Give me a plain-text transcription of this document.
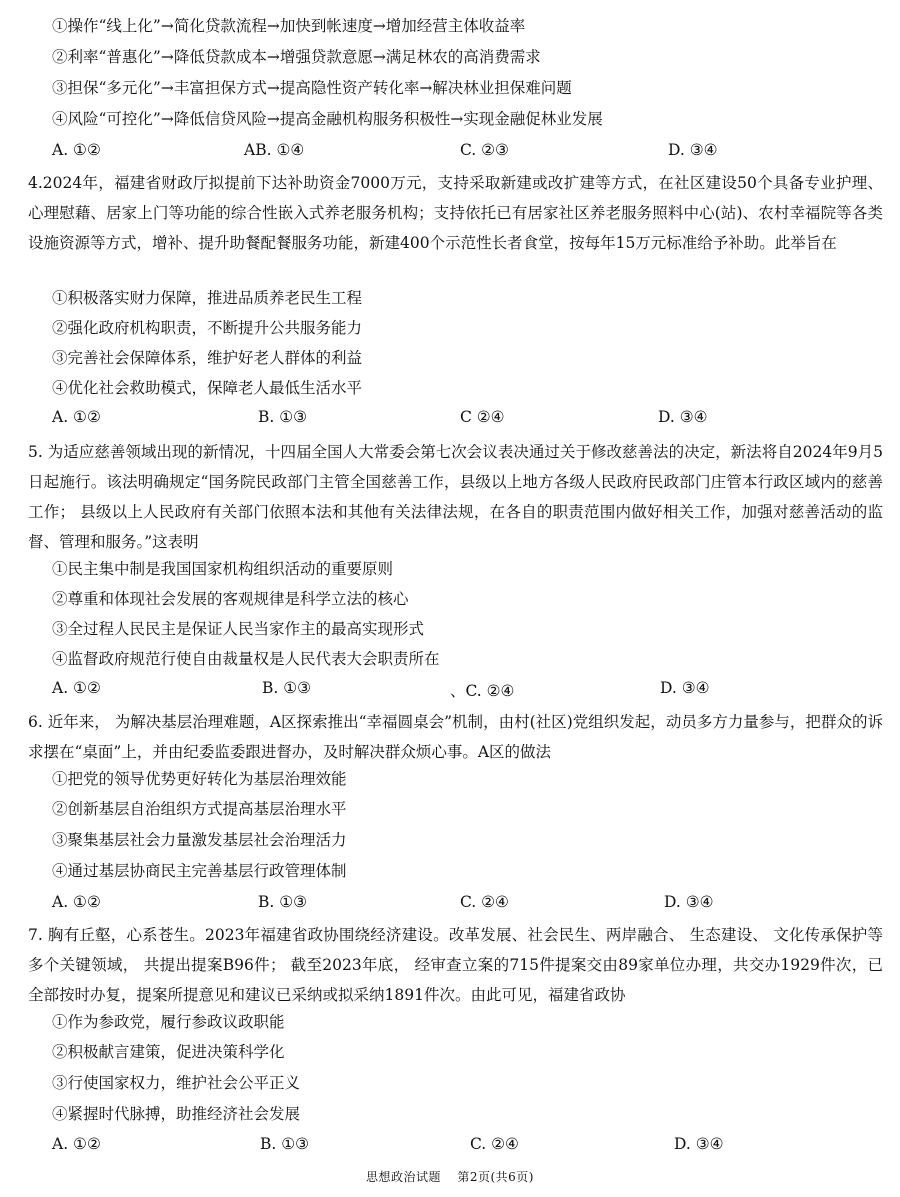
①操作“线上化”→简化贷款流程→加快到帐速度→增加经营主体收益率
②利率“普惠化”→降低贷款成本→增强贷款意愿→满足林农的高消费需求
③担保“多元化”→丰富担保方式→提高隐性资产转化率→解决林业担保难问题
④风险“可控化”→降低信贷风险→提高金融机构服务积极性→实现金融促林业发展
A. ①②	AB. ①④	C. ②③	D. ③④
4.2024年，福建省财政厅拟提前下达补助资金7000万元，支持采取新建或改扩建等方式，在社区建设50个具备专业护理、心理慰藉、居家上门等功能的综合性嵌入式养老服务机构；支持依托已有居家社区养老服务照料中心(站)、农村幸福院等各类设施资源等方式，增补、提升助餐配餐服务功能，新建400个示范性长者食堂，按每年15万元标准给予补助。此举旨在
①积极落实财力保障，推进品质养老民生工程
②强化政府机构职责，不断提升公共服务能力
③完善社会保障体系，维护好老人群体的利益
④优化社会救助模式，保障老人最低生活水平
A. ①②	B. ①③	C ②④	D. ③④
5. 为适应慈善领域出现的新情况，十四届全国人大常委会第七次会议表决通过关于修改慈善法的决定，新法将自2024年9月5日起施行。该法明确规定“国务院民政部门主管全国慈善工作，县级以上地方各级人民政府民政部门庄管本行政区域内的慈善工作； 县级以上人民政府有关部门依照本法和其他有关法律法规，在各自的职责范围内做好相关工作，加强对慈善活动的监督、管理和服务。”这表明
①民主集中制是我国国家机构组织活动的重要原则
②尊重和体现社会发展的客观规律是科学立法的核心
③全过程人民民主是保证人民当家作主的最高实现形式
④监督政府规范行使自由裁量权是人民代表大会职责所在
A. ①②	B. ①③	、C. ②④	D. ③④
6. 近年来， 为解决基层治理难题，A区探索推出“幸福圆桌会”机制，由村(社区)党组织发起，动员多方力量参与，把群众的诉求摆在“桌面”上，并由纪委监委跟进督办，及时解决群众烦心事。A区的做法
①把党的领导优势更好转化为基层治理效能
②创新基层自治组织方式提高基层治理水平
③聚集基层社会力量激发基层社会治理活力
④通过基层协商民主完善基层行政管理体制
A. ①②	B. ①③	C. ②④	D. ③④
7. 胸有丘壑，心系苍生。2023年福建省政协围绕经济建设。改革发展、社会民生、两岸融合、 生态建设、 文化传承保护等多个关键领域， 共提出提案B96件； 截至2023年底， 经审查立案的715件提案交由89家单位办理，共交办1929件次，已全部按时办复，提案所提意见和建议已采纳或拟采纳1891件次。由此可见，福建省政协
①作为参政党，履行参政议政职能
②积极献言建策，促进决策科学化
③行使国家权力，维护社会公平正义
④紧握时代脉搏，助推经济社会发展
A. ①②	B. ①③	C. ②④	D. ③④
思想政治试题 第2页(共6页)
